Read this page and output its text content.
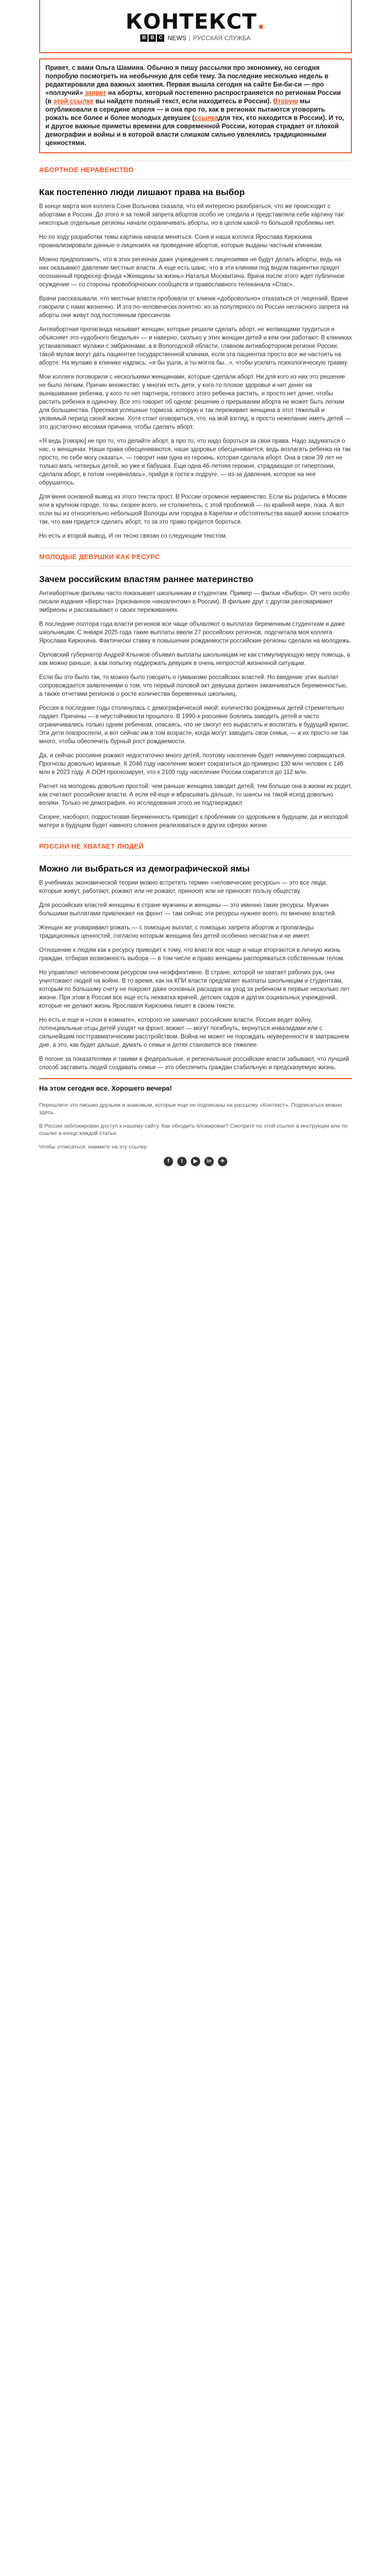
КОНТЕКСТ.
B B C NEWS РУССКАЯ СЛУЖБА

Привет, с вами Ольга Шамина. Обычно я пишу рассылки про экономику, но сегодня попробую посмотреть на необычную для себя тему. За последние несколько недель в редактировали два важных занятия. Первая вышла сегодня на сайте Би-би-си — про «ползучий» запрет на аборты, который постепенно распространяется по регионам России (в этой ссылке вы найдете полный текст, если находитесь в России). Вторую мы опубликовали в середине апреля — и она про то, как в регионах пытаются уговорить рожать все более и более молодых девушек (ссылкадля тех, кто находится в России). И то, и другое важные приметы времени для современной России, которая страдает от плохой демографии и войны и в которой власти слишком сильно увлеклись традиционными ценностями.

АБОРТНОЕ НЕРАВЕНСТВО
Как постепенно люди лишают права на выбор

В конце марта моя коллега Соня Вольнова сказала, что ей интересно разобраться, что же происходит с абортами в России. До этого я за темой запрета абортов особо не следила и представляла себе картину так: некоторые отдельные регионы начали ограничивать аборты, но в целом какой-то большой проблемы нет.

Но по ходу разработки темы картина начала меняться. Соня и наша коллега Ярослава Кирюхина проанализировали данные о лицензиях на проведение абортов, которые выданы частным клиникам.

Можно предположить, что в этих регионах даже учреждения с лицензиями не будут делать аборты, ведь на них оказывают давление местные власти. А еще есть шанс, что в эти клиники под видом пациентки придет осознанный продюсер фонда «Женщины за жизнь» Наталья Москвитина. Врача после этого ждет публичное осуждение — со стороны провоборческих сообществ и православного телеканала «Спас».

Врачи рассказывали, что местные власти пробовали от клиник «добровольно» отказаться от лицензий. Врачи говорили с нами жизненно. И это по-человечески понятно: из-за популярного по России негласного запрета на аборты они живут под постоянным прессингом.

Антиабортная пропаганда называет женщин, которые решили сделать аборт, не желающими трудиться и объясняет это «удобного безделья» — и наверно, сколько у этих женщин детей и кем они работают. В клиниках устанавливают мулажи с эмбрионами, а в Вологодской области, главном антиаборторном регионе России, такой мулаж могут дать пациентке государственной клиники, если эта пациентка просто все же настоять на аборте. На мулаже в клинике надпись: «я бы ушла, а ты могла бы...», чтобы усилить психологическую травму.

Мои коллеги поговорили с несколькими женщинами, которые сделали аборт. Ни для кого из них это решение не было легким. Причин множество: у многих есть дети, у кого-то плохое здоровье и нет денег на вынашивание ребенка, у кого-то нет партнера, готового этого ребенка растить, и просто нет денег, чтобы растить ребенка в одиночку. Все это говорит об одном: решение о прерывании аборта не может быть легким для большинства. Пресекая успешные тормоза, которую и так переживает женщина в этот тяжелый и уязвимый период своей жизни. Хотя стоит оговориться, что, на мой взгляд, и просто нежелание иметь детей — это достаточно весомая причина, чтобы сделать аборт.

«Я ведь [говорю] не про то, что делайте аборт, а про то, что надо бороться за свои права. Надо задуматься о нас, о женщинах. Наши права обесцениваются, наше здоровье обесценивается, ведь возлагать ребенка на так просто, по себе могу сказать», — говорит нам одна из героинь, которая сделала аборт. Она в свои 39 лет не только мать четверых детей, но уже и бабушка. Еще одна 46-летняя героиня, страдающая от гипертонии, сделала аборт, в потом «нервнелась», прийдя в гости к подруге, — из-за давления, которое на нее обрушилось.

Для меня основной вывод из этого текста прост. В России огромное неравенство. Если вы родились в Москве или в крупном городе, то вы, скорее всего, не столкнетесь, с этой проблемой — по крайней мере, пока. А вот если вы из относительно небольшой Вологды или городка в Карелии и обстоятельства вашей жизни сложатся так, что вам придется сделать аборт, то за это право придется бороться.

Но есть и второй вывод. И он тесно связан со следующим текстом.

МОЛОДЫЕ ДЕВУШКИ КАК РЕСУРС
Зачем российским властям раннее материнство

Антиабортные фильмы часто показывает школьникам и студентам. Пример — фильм «Выбор». От него особо писали издания «Верстка» (признанное «иноагентом» в России). В фильме друг с другом разговаривают эмбрионы и рассказывают о своих переживаниях.

В последние полтора года власти регионов все чаще объявляют о выплатах беременным студенткам и даже школьницам. С января 2025 года такие выплаты ввели 27 российских регионов, подсчитала моя коллега Ярослава Кирюхина. Фактически ставку в повышении рождаемости российские регионы сделали на молодежь.

Орловский губернатор Андрей Клычков объявил выплаты школьницам не как стимулирующую меру помощь, а как можно раньше, а как попытку поддержать девушек в очень непростой жизненной ситуации.

Если бы это было так, то можно было говорить о гуманизме российских властей. Но введение этих выплат сопровождается заявлениями о том, что первый половой акт девушка должен заканчиваться беременностью, а также отчетами регионов о росте количества беременных школьниц.

Россия в последние годы столкнулась с демографической ямой: количество рожденных детей стремительно падает. Причины — в неустойчивости прошлого. В 1990-х россияне боялись заводить детей и часто ограничивались только одним ребенком, опасаясь, что не смогут его вырастить и воспитать в будущий кризис. Эти дети повзрослели, и вот сейчас им в том возрасте, когда могут заводить свои семьи, — и их просто не так много, чтобы обеспечить бурный рост рождаемости.

Да, и сейчас россияне рожают недостаточно много детей, поэтому население будет неминуемо сокращаться. Прогнозы довольно мрачные. К 2046 году население может сократиться до примерно 130 млн человек с 146 млн в 2023 году. А ООН прогнозирует, что к 2100 году население России сократится до 112 млн.

Расчет на молодежь довольно простой: чем раньше женщина заводит детей, тем больше она в жизни их родит, как считают российские власти. А если ей еще и вбрасывать дальше, то шансы на такой исход довольно велики. Только не демография, но исследования этого не подтверждают.

Скорее, наоборот, подростковая беременность приводит к проблемам со здоровьем в будущем, да и молодой матери в будущем будет намного сложнее реализоваться в других сферах жизни.

РОССИИ НЕ ХВАТАЕТ ЛЮДЕЙ
Можно ли выбраться из демографической ямы

В учебниках экономической теории можно встретить термин «человеческие ресурсы» — это все люди, которые живут, работают, рожают или не рожают, приносят или не приносят пользу обществу.

Для российских властей женщины в стране мужчины и женщины — это именно такие ресурсы. Мужчин большими выплатами привлекают на фронт — там сейчас эти ресурсы нужнее всего, по мнению властей.

Женщин же уговаривают рожать — с помощью выплат, с помощью запрета абортов и пропаганды традиционных ценностей, согласно которым женщина без детей особенно несчастна и не имеет.

Отношение к людям как к ресурсу приводит к тому, что власти все чаще и чаще вторгаются в личную жизнь граждан, отбирая возможность выбора — в том числе и право женщины распоряжаться собственным телом.

Но управляют человеческим ресурсом они неэффективно. В стране, которой не хватает рабочих рук, они уничтожают людей на войне. В то время, как на КПИ власти предлагает выплаты школьницам и студенткам, которым по большому счету не покроют даже основных расходов на уход за ребенком в первые несколько лет жизни. При этом в России все еще есть нехватка врачей, детских садов и других социальных учреждений, которые не делают жизнь Ярославля Кирюхина пишет в своем тексте.

Но есть и еще и «слон в комнате», которого не замечают российские власти. Россия ведет войну, потенциальные отцы детей уходят на фронт, воюют — могут погибнуть, вернуться инвалидами или с сильнейшим посттравматическим расстройством. Война не может не порождать неуверенности в завтрашнем дне, а это, как будет дальше, думать о семье и детях становится все тяжелее.

В погоне за показателями и такими в федеральные, и региональные российские власти забывают, что лучший способ заставить людей создавать семьи — это обеспечить граждан стабильную и предсказуемую жизнь.

На этом сегодня все. Хорошего вечера!

Перешлите это письмо друзьям и знакомым, которые еще не подписаны на рассылку «Контекст». Подписаться можно здесь.

В России заблокирован доступ к нашему сайту. Как обходить блокировки? Смотрите по этой ссылке в инструкции или по ссылке в конце каждой статьи.

Чтобы отписаться, нажмите на эту ссылку.

f	t	▶	in	✈
